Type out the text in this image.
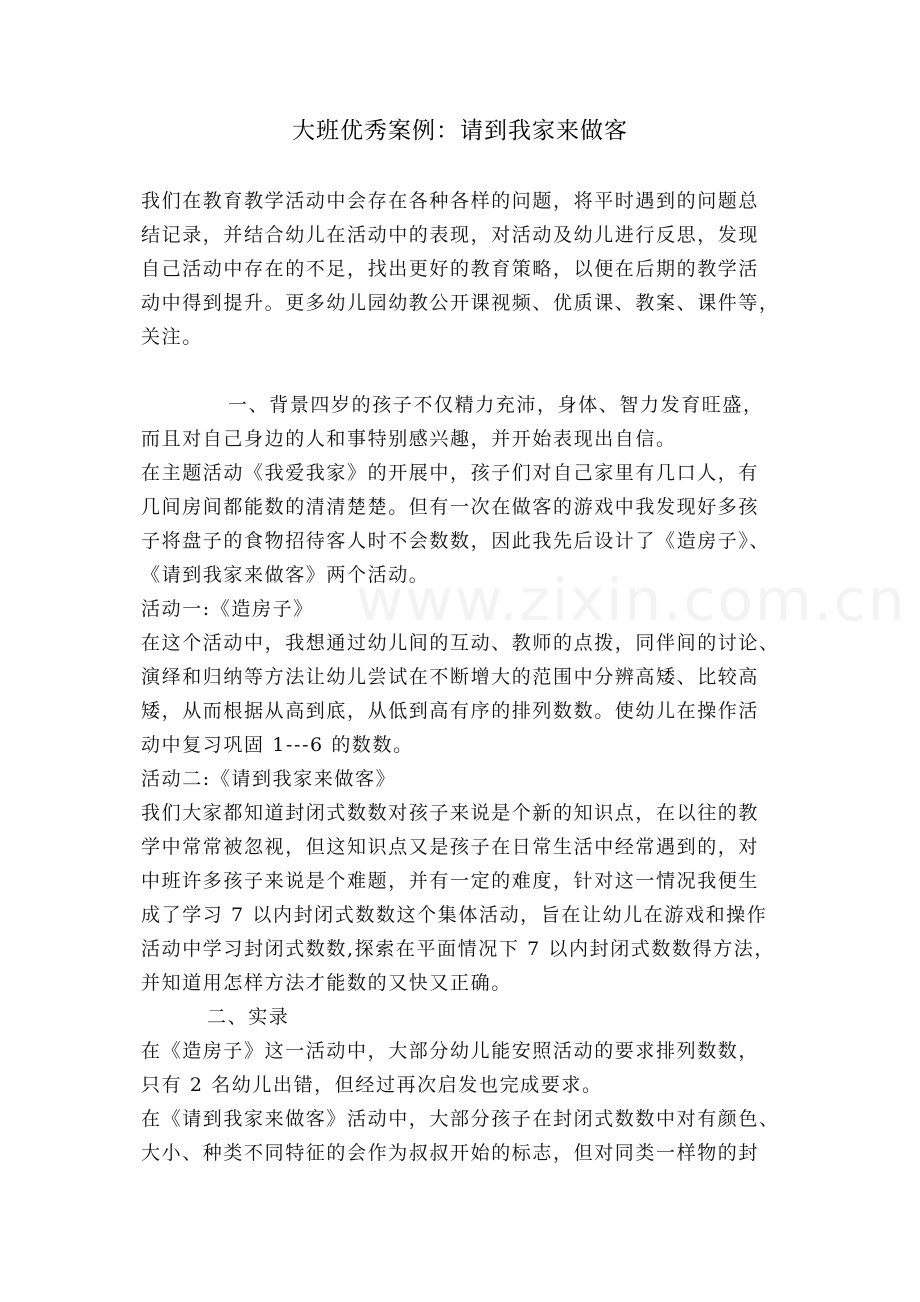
www.zixin.com.cn
大班优秀案例：请到我家来做客
我们在教育教学活动中会存在各种各样的问题，将平时遇到的问题总
结记录，并结合幼儿在活动中的表现，对活动及幼儿进行反思，发现
自己活动中存在的不足，找出更好的教育策略，以便在后期的教学活
动中得到提升。更多幼儿园幼教公开课视频、优质课、教案、课件等，
关注。
一、背景四岁的孩子不仅精力充沛，身体、智力发育旺盛，
而且对自己身边的人和事特别感兴趣，并开始表现出自信。
在主题活动《我爱我家》的开展中，孩子们对自己家里有几口人，有
几间房间都能数的清清楚楚。但有一次在做客的游戏中我发现好多孩
子将盘子的食物招待客人时不会数数，因此我先后设计了《造房子》、
《请到我家来做客》两个活动。
活动一:《造房子》
在这个活动中，我想通过幼儿间的互动、教师的点拨，同伴间的讨论、
演绎和归纳等方法让幼儿尝试在不断增大的范围中分辨高矮、比较高
矮，从而根据从高到底，从低到高有序的排列数数。使幼儿在操作活
动中复习巩固 1---6 的数数。
活动二:《请到我家来做客》
我们大家都知道封闭式数数对孩子来说是个新的知识点，在以往的教
学中常常被忽视，但这知识点又是孩子在日常生活中经常遇到的，对
中班许多孩子来说是个难题，并有一定的难度，针对这一情况我便生
成了学习 7 以内封闭式数数这个集体活动，旨在让幼儿在游戏和操作
活动中学习封闭式数数,探索在平面情况下 7 以内封闭式数数得方法，
并知道用怎样方法才能数的又快又正确。
二、实录
在《造房子》这一活动中，大部分幼儿能安照活动的要求排列数数，
只有 2 名幼儿出错，但经过再次启发也完成要求。
在《请到我家来做客》活动中，大部分孩子在封闭式数数中对有颜色、
大小、种类不同特征的会作为叔叔开始的标志，但对同类一样物的封
